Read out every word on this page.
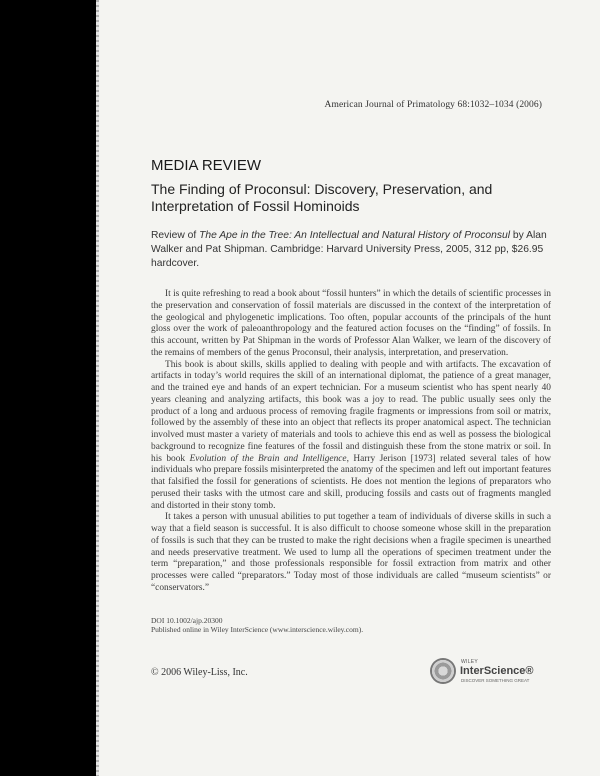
American Journal of Primatology 68:1032–1034 (2006)
MEDIA REVIEW
The Finding of Proconsul: Discovery, Preservation, and Interpretation of Fossil Hominoids
Review of The Ape in the Tree: An Intellectual and Natural History of Proconsul by Alan Walker and Pat Shipman. Cambridge: Harvard University Press, 2005, 312 pp, $26.95 hardcover.

It is quite refreshing to read a book about “fossil hunters” in which the details of scientific processes in the preservation and conservation of fossil materials are discussed in the context of the interpretation of the geological and phylogenetic implications. Too often, popular accounts of the principals of the hunt gloss over the work of paleoanthropology and the featured action focuses on the “finding” of fossils. In this account, written by Pat Shipman in the words of Professor Alan Walker, we learn of the discovery of the remains of members of the genus Proconsul, their analysis, interpretation, and preservation.

This book is about skills, skills applied to dealing with people and with artifacts. The excavation of artifacts in today’s world requires the skill of an international diplomat, the patience of a great manager, and the trained eye and hands of an expert technician. For a museum scientist who has spent nearly 40 years cleaning and analyzing artifacts, this book was a joy to read. The public usually sees only the product of a long and arduous process of removing fragile fragments or impressions from soil or matrix, followed by the assembly of these into an object that reflects its proper anatomical aspect. The technician involved must master a variety of materials and tools to achieve this end as well as possess the biological background to recognize fine features of the fossil and distinguish these from the stone matrix or soil. In his book Evolution of the Brain and Intelligence, Harry Jerison [1973] related several tales of how individuals who prepare fossils misinterpreted the anatomy of the specimen and left out important features that falsified the fossil for generations of scientists. He does not mention the legions of preparators who perused their tasks with the utmost care and skill, producing fossils and casts out of fragments mangled and distorted in their stony tomb.

It takes a person with unusual abilities to put together a team of individuals of diverse skills in such a way that a field season is successful. It is also difficult to choose someone whose skill in the preparation of fossils is such that they can be trusted to make the right decisions when a fragile specimen is unearthed and needs preservative treatment. We used to lump all the operations of specimen treatment under the term “preparation,” and those professionals responsible for fossil extraction from matrix and other processes were called “preparators.” Today most of those individuals are called “museum scientists” or “conservators.”

DOI 10.1002/ajp.20300
Published online in Wiley InterScience (www.interscience.wiley.com).
© 2006 Wiley-Liss, Inc.
WILEY
InterScience®
DISCOVER SOMETHING GREAT
